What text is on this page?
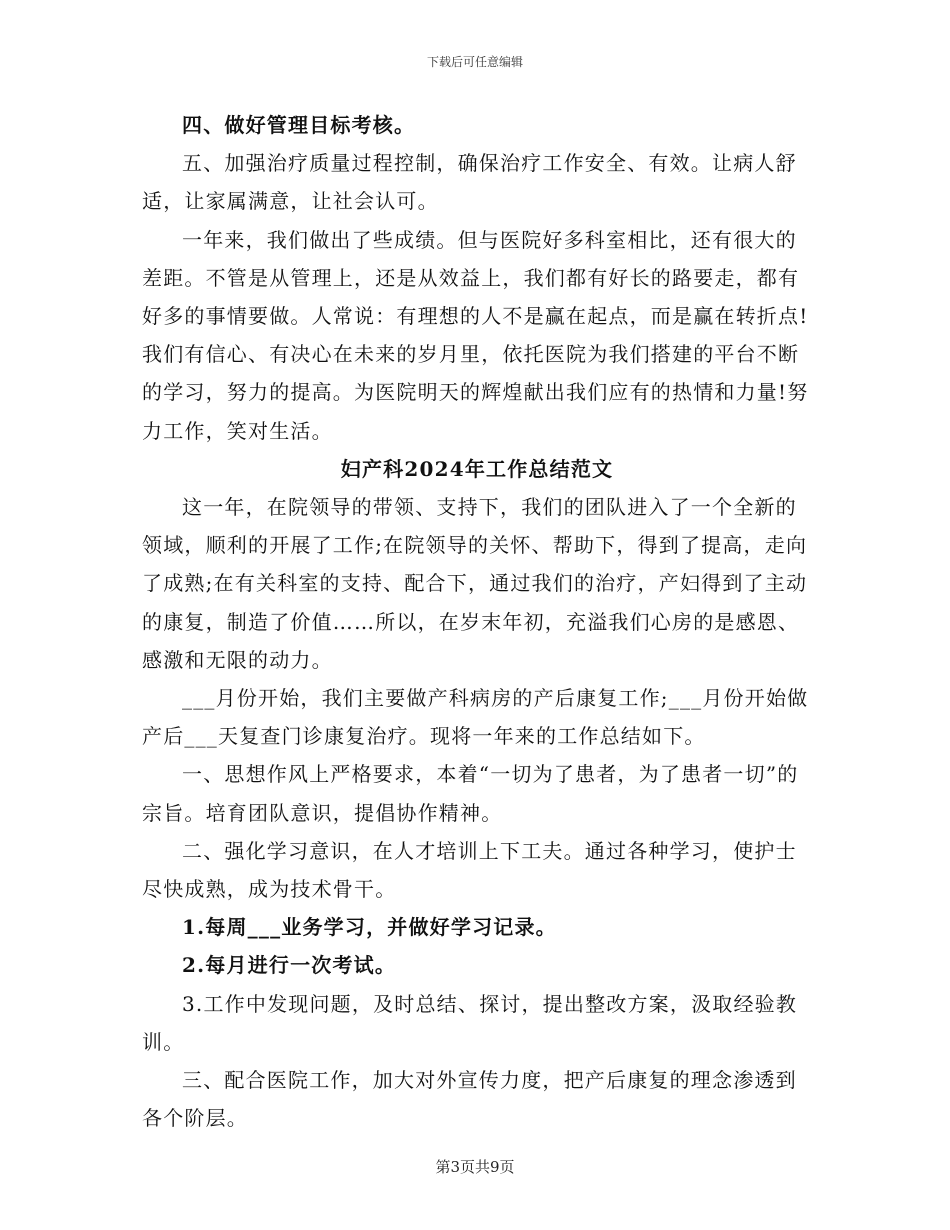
下载后可任意编辑

四、做好管理目标考核。

五、加强治疗质量过程控制，确保治疗工作安全、有效。让病人舒适，让家属满意，让社会认可。

一年来，我们做出了些成绩。但与医院好多科室相比，还有很大的差距。不管是从管理上，还是从效益上，我们都有好长的路要走，都有好多的事情要做。人常说：有理想的人不是赢在起点，而是赢在转折点!我们有信心、有决心在未来的岁月里，依托医院为我们搭建的平台不断的学习，努力的提高。为医院明天的辉煌献出我们应有的热情和力量!努力工作，笑对生活。

妇产科2024年工作总结范文

这一年，在院领导的带领、支持下，我们的团队进入了一个全新的领域，顺利的开展了工作;在院领导的关怀、帮助下，得到了提高，走向了成熟;在有关科室的支持、配合下，通过我们的治疗，产妇得到了主动的康复，制造了价值……所以，在岁末年初，充溢我们心房的是感恩、感激和无限的动力。

___月份开始，我们主要做产科病房的产后康复工作;___月份开始做产后___天复查门诊康复治疗。现将一年来的工作总结如下。

一、思想作风上严格要求，本着“一切为了患者，为了患者一切”的宗旨。培育团队意识，提倡协作精神。

二、强化学习意识，在人才培训上下工夫。通过各种学习，使护士尽快成熟，成为技术骨干。

1.每周___业务学习，并做好学习记录。

2.每月进行一次考试。

3.工作中发现问题，及时总结、探讨，提出整改方案，汲取经验教训。

三、配合医院工作，加大对外宣传力度，把产后康复的理念渗透到各个阶层。

第3页共9页
